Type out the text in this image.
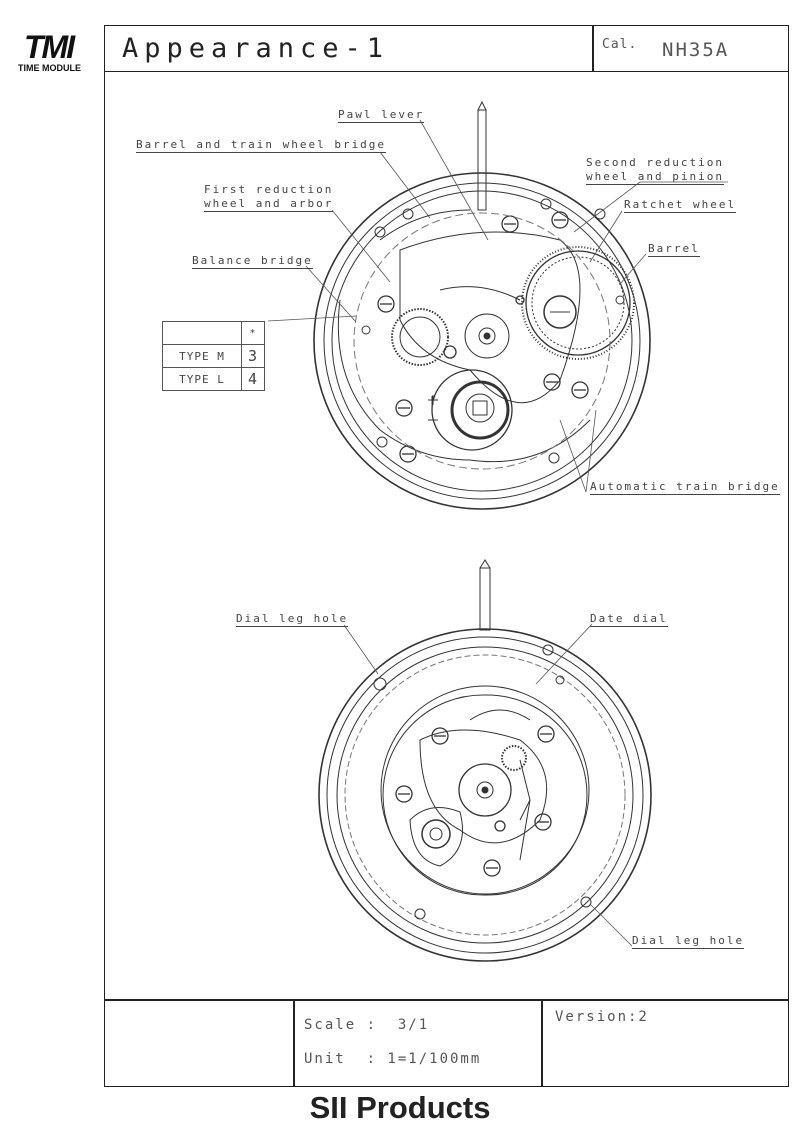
TMI
TIME MODULE
Appearance-1	Cal. NH35A
Pawl lever
Barrel and train wheel bridge
Second reduction
wheel and pinion
Ratchet wheel
First reduction
wheel and arbor
Barrel
Balance bridge
Automatic train bridge
	*
TYPE M	3
TYPE L	4
Dial leg hole	Date dial
Dial leg hole
Scale :  3/1
Unit  : 1=1/100mm
Version:2
SII Products
